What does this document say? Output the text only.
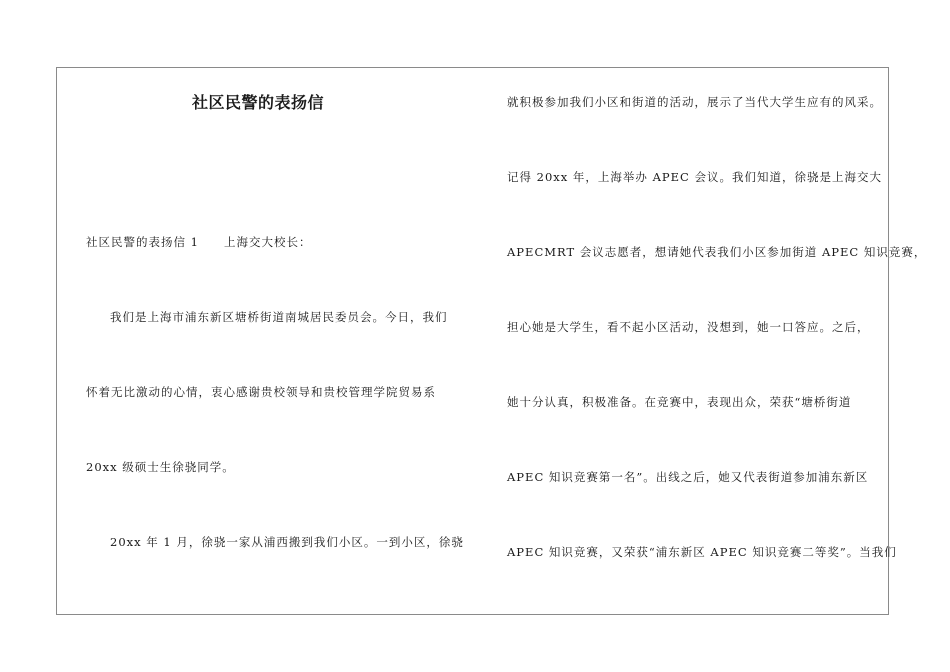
社区民警的表扬信
社区民警的表扬信 1　　上海交大校长：
我们是上海市浦东新区塘桥街道南城居民委员会。今日，我们
怀着无比激动的心情，衷心感谢贵校领导和贵校管理学院贸易系
20xx 级硕士生徐骁同学。
20xx 年 1 月，徐骁一家从浦西搬到我们小区。一到小区，徐骁
就积极参加我们小区和街道的活动，展示了当代大学生应有的风采。
记得 20xx 年，上海举办 APEC 会议。我们知道，徐骁是上海交大
APECMRT 会议志愿者，想请她代表我们小区参加街道 APEC 知识竞赛，
担心她是大学生，看不起小区活动，没想到，她一口答应。之后，
她十分认真，积极准备。在竞赛中，表现出众，荣获“塘桥街道
APEC 知识竞赛第一名”。出线之后，她又代表街道参加浦东新区
APEC 知识竞赛，又荣获“浦东新区 APEC 知识竞赛二等奖”。当我们
